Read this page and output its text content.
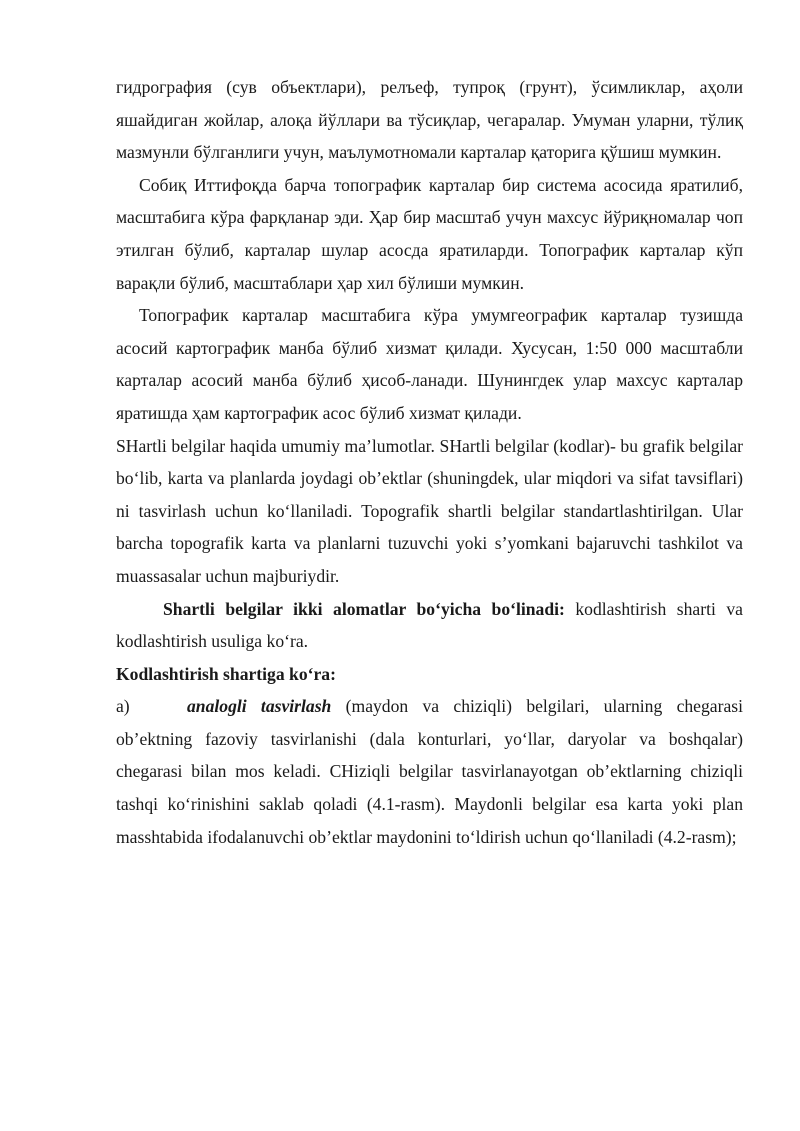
гидрография (сув объектлари), релъеф, тупроқ (грунт), ўсимликлар, аҳоли яшайдиган жойлар, алоқа йўллари ва тўсиқлар, чегаралар. Умуман уларни, тўлиқ мазмунли бўлганлиги учун, маълумотномали карталар қаторига қўшиш мумкин.

Собиқ Иттифоқда барча топографик карталар бир система асосида яратилиб, масштабига кўра фарқланар эди. Ҳар бир масштаб учун махсус йўриқномалар чоп этилган бўлиб, карталар шулар асосда яратиларди. Топографик карталар кўп варақли бўлиб, масштаблари ҳар хил бўлиши мумкин.

Топографик карталар масштабига кўра умумгеографик карталар тузишда асосий картографик манба бўлиб хизмат қилади. Хусусан, 1:50 000 масштабли карталар асосий манба бўлиб ҳисоб-ланади. Шунингдек улар махсус карталар яратишда ҳам картографик асос бўлиб хизмат қилади.

SHartli belgilar haqida umumiy ma’lumotlar. SHartli belgilar (kodlar)- bu grafik belgilar bo‘lib, karta va planlarda joydagi ob’ektlar (shuningdek, ular miqdori va sifat tavsiflari) ni tasvirlash uchun ko‘llaniladi. Topografik shartli belgilar standartlashtirilgan. Ular barcha topografik karta va planlarni tuzuvchi yoki s’yomkani bajaruvchi tashkilot va muassasalar uchun majburiydir.

Shartli belgilar ikki alomatlar bo‘yicha bo‘linadi: kodlashtirish sharti va kodlashtirish usuliga ko‘ra.

Kodlashtirish shartiga ko‘ra:

a)	analogli tasvirlash (maydon va chiziqli) belgilari, ularning chegarasi ob’ektning fazoviy tasvirlanishi (dala konturlari, yo‘llar, daryolar va boshqalar) chegarasi bilan mos keladi. CHiziqli belgilar tasvirlanayotgan ob’ektlarning chiziqli tashqi ko‘rinishini saklab qoladi (4.1-rasm). Maydonli belgilar esa karta yoki plan masshtabida ifodalanuvchi ob’ektlar maydonini to‘ldirish uchun qo‘llaniladi (4.2-rasm);
